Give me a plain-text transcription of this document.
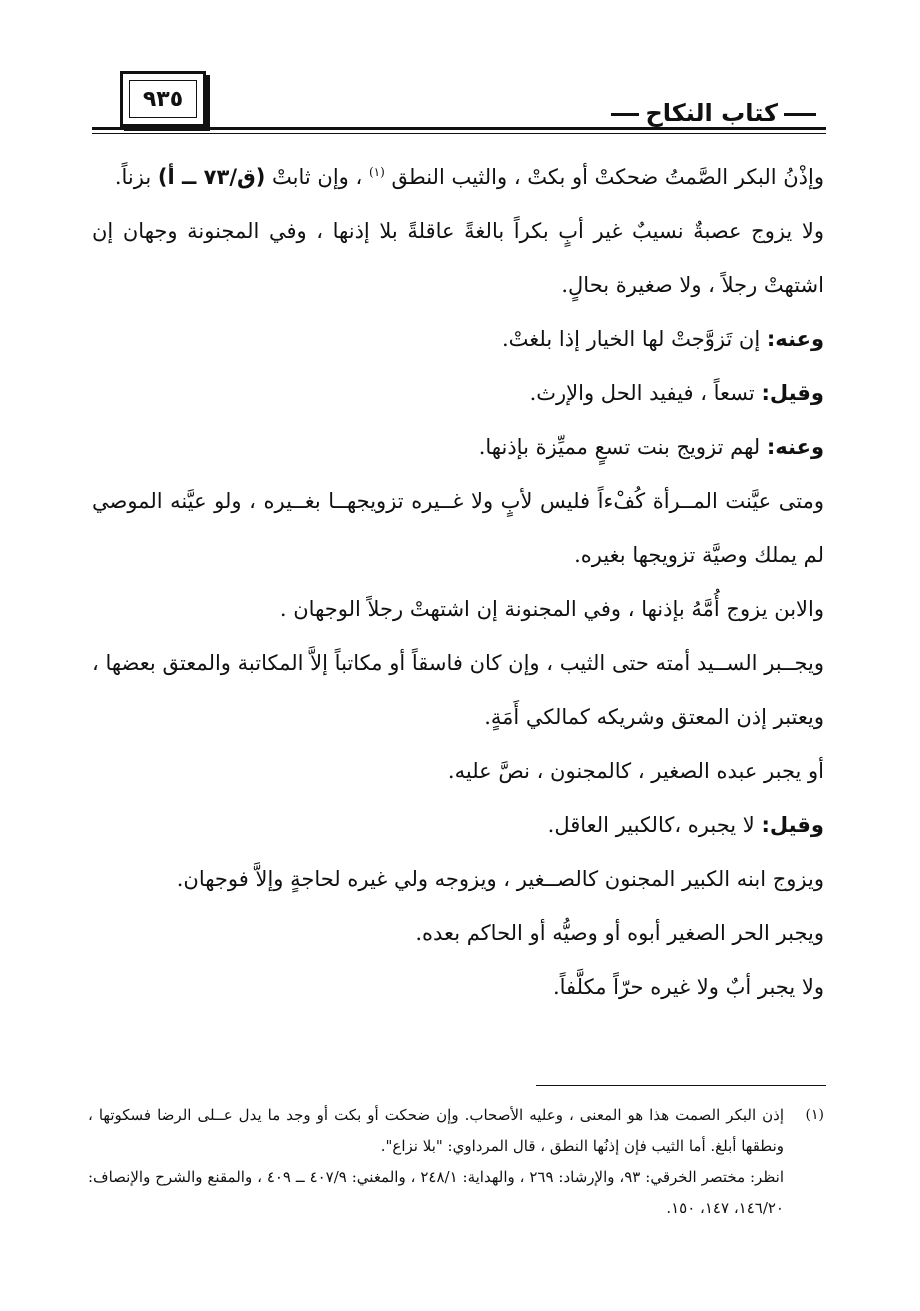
٩٣٥	كتاب النكاح

وإذْنُ البكر الصَّمتُ ضحكتْ أو بكتْ ، والثيب النطق $^{(١)}$ ، وإن ثابتْ (ق/٧٣ ــ أ) بزناً.

ولا يزوج عصبةٌ نسيبٌ غير أبٍ بكراً بالغةً عاقلةً بلا إذنها ، وفي المجنونة وجهان إن اشتهتْ رجلاً ، ولا صغيرة بحالٍ.

وعنه: إن تَزوَّجتْ لها الخيار إذا بلغتْ.

وقيل: تسعاً ، فيفيد الحل والإرث.

وعنه: لهم تزويج بنت تسعٍ مميِّزة بإذنها.

ومتى عيَّنت المــرأة كُفْءاً فليس لأبٍ ولا غــيره تزويجهــا بغــيره ، ولو عيَّنه الموصي لم يملك وصيَّة تزويجها بغيره.

والابن يزوج أُمَّهُ بإذنها ، وفي المجنونة إن اشتهتْ رجلاً الوجهان .

ويجــبر الســيد أمته حتى الثيب ، وإن كان فاسقاً أو مكاتباً إلاَّ المكاتبة والمعتق بعضها ، ويعتبر إذن المعتق وشريكه كمالكي أَمَةٍ.

أو يجبر عبده الصغير ، كالمجنون ، نصَّ عليه.

وقيل: لا يجبره ،كالكبير العاقل.

ويزوج ابنه الكبير المجنون كالصــغير ، ويزوجه ولي غيره لحاجةٍ وإلاَّ فوجهان.

ويجبر الحر الصغير أبوه أو وصيُّه أو الحاكم بعده.

ولا يجبر أبٌ ولا غيره حرّاً مكلَّفاً.

(١)

إذن البكر الصمت هذا هو المعنى ، وعليه الأصحاب. وإن ضحكت أو بكت أو وجد ما يدل عــلى الرضا فسكوتها ، ونطقها أبلغ. أما الثيب فإن إذنُها النطق ، قال المرداوي: "بلا نزاع".

انظر: مختصر الخرقي: ٩٣، والإرشاد: ٢٦٩ ، والهداية: ٢٤٨/١ ، والمغني: ٤٠٧/٩ ــ ٤٠٩ ، والمقنع والشرح والإنصاف: ١٤٦/٢٠، ١٤٧، ١٥٠.
